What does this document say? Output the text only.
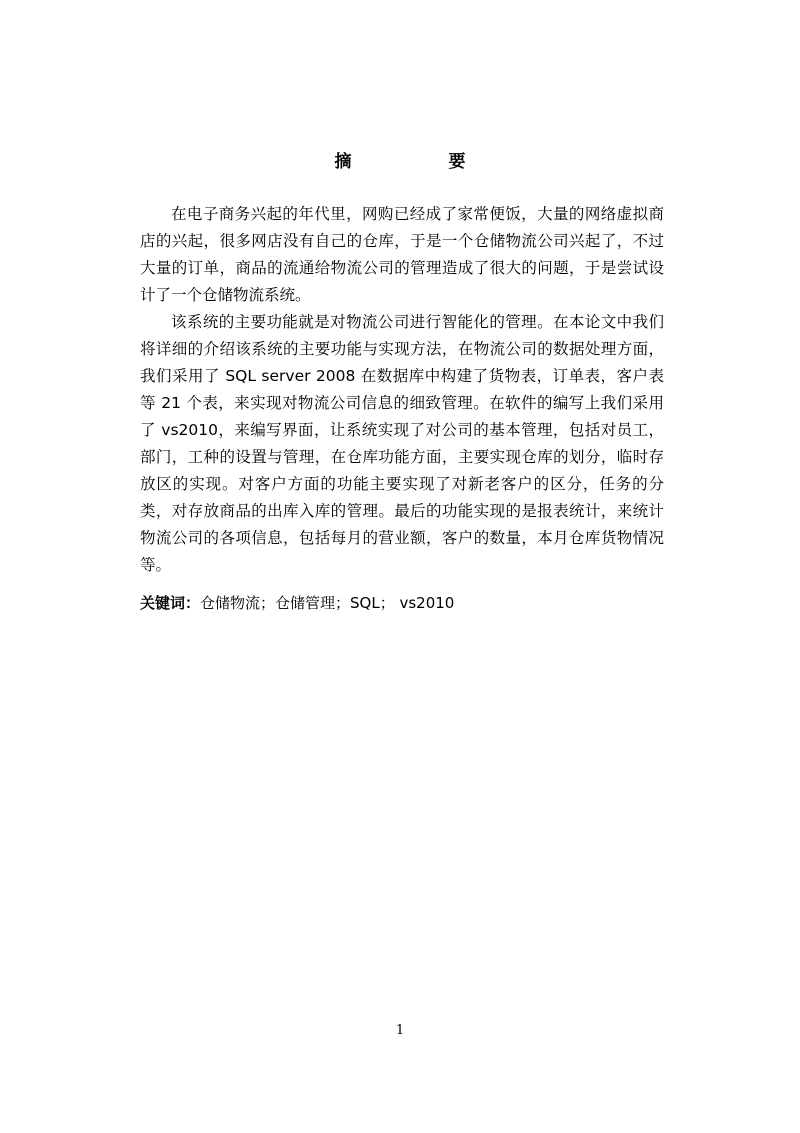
摘　要

在电子商务兴起的年代里，网购已经成了家常便饭，大量的网络虚拟商店的兴起，很多网店没有自己的仓库，于是一个仓储物流公司兴起了，不过大量的订单，商品的流通给物流公司的管理造成了很大的问题，于是尝试设计了一个仓储物流系统。

该系统的主要功能就是对物流公司进行智能化的管理。在本论文中我们将详细的介绍该系统的主要功能与实现方法，在物流公司的数据处理方面，我们采用了 SQL server 2008 在数据库中构建了货物表，订单表，客户表等 21 个表，来实现对物流公司信息的细致管理。在软件的编写上我们采用了 vs2010，来编写界面，让系统实现了对公司的基本管理，包括对员工，部门，工种的设置与管理，在仓库功能方面，主要实现仓库的划分，临时存放区的实现。对客户方面的功能主要实现了对新老客户的区分，任务的分类，对存放商品的出库入库的管理。最后的功能实现的是报表统计，来统计物流公司的各项信息，包括每月的营业额，客户的数量，本月仓库货物情况等。

关键词：仓储物流；仓储管理；SQL； vs2010
1
